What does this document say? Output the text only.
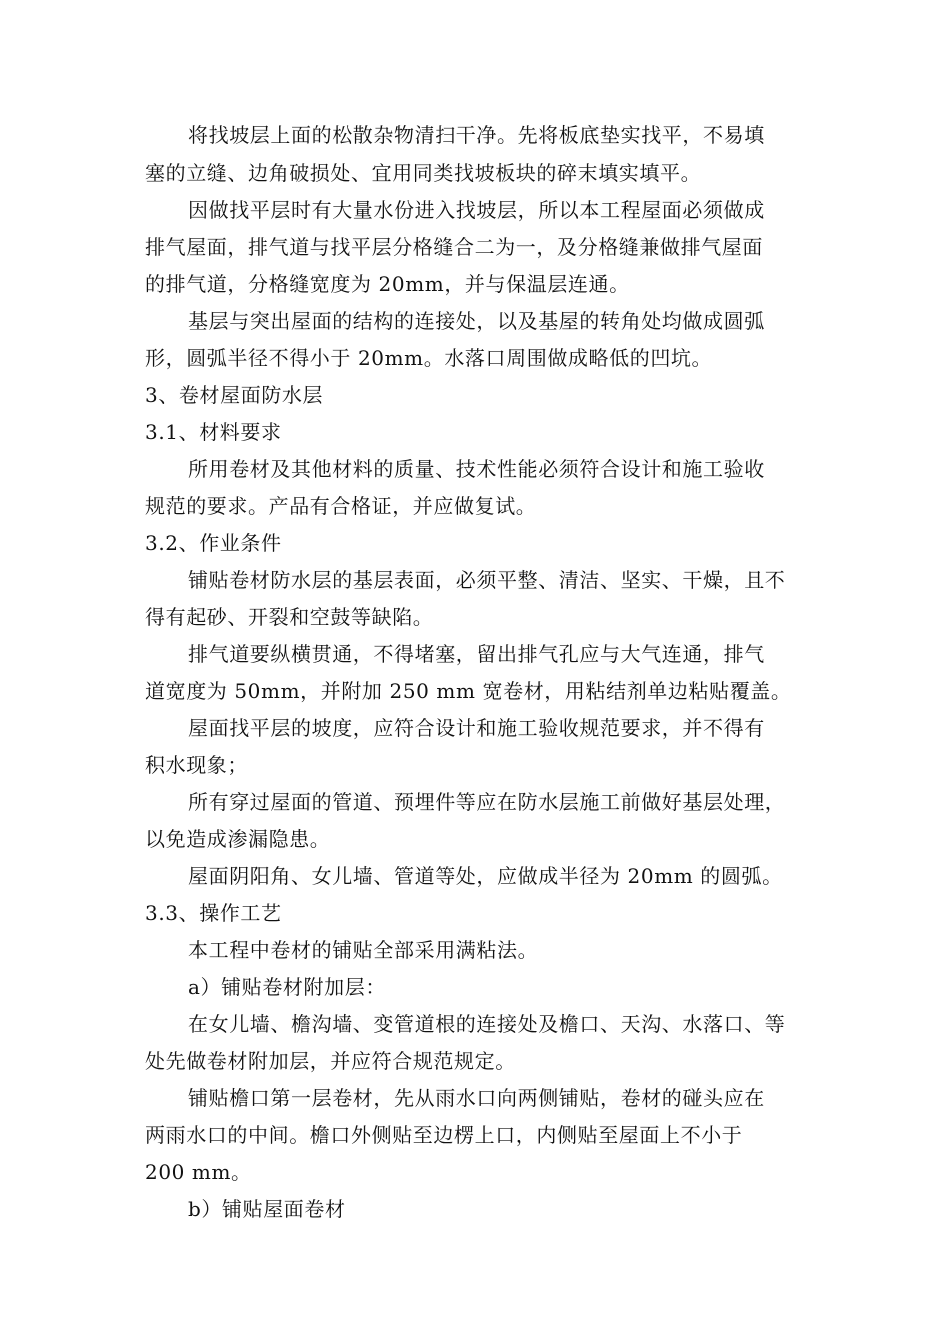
将找坡层上面的松散杂物清扫干净。先将板底垫实找平，不易填
塞的立缝、边角破损处、宜用同类找坡板块的碎末填实填平。
因做找平层时有大量水份进入找坡层，所以本工程屋面必须做成
排气屋面，排气道与找平层分格缝合二为一，及分格缝兼做排气屋面
的排气道，分格缝宽度为 20mm，并与保温层连通。
基层与突出屋面的结构的连接处，以及基屋的转角处均做成圆弧
形，圆弧半径不得小于 20mm。水落口周围做成略低的凹坑。
3、卷材屋面防水层
3.1、材料要求
所用卷材及其他材料的质量、技术性能必须符合设计和施工验收
规范的要求。产品有合格证，并应做复试。
3.2、作业条件
铺贴卷材防水层的基层表面，必须平整、清洁、坚实、干燥，且不
得有起砂、开裂和空鼓等缺陷。
排气道要纵横贯通，不得堵塞，留出排气孔应与大气连通，排气
道宽度为 50mm，并附加 250 mm 宽卷材，用粘结剂单边粘贴覆盖。
屋面找平层的坡度，应符合设计和施工验收规范要求，并不得有
积水现象；
所有穿过屋面的管道、预埋件等应在防水层施工前做好基层处理，
以免造成渗漏隐患。
屋面阴阳角、女儿墙、管道等处，应做成半径为 20mm 的圆弧。
3.3、操作工艺
本工程中卷材的铺贴全部采用满粘法。
a）铺贴卷材附加层：
在女儿墙、檐沟墙、变管道根的连接处及檐口、天沟、水落口、等
处先做卷材附加层，并应符合规范规定。
铺贴檐口第一层卷材，先从雨水口向两侧铺贴，卷材的碰头应在
两雨水口的中间。檐口外侧贴至边楞上口，内侧贴至屋面上不小于
200 mm。
b）铺贴屋面卷材
